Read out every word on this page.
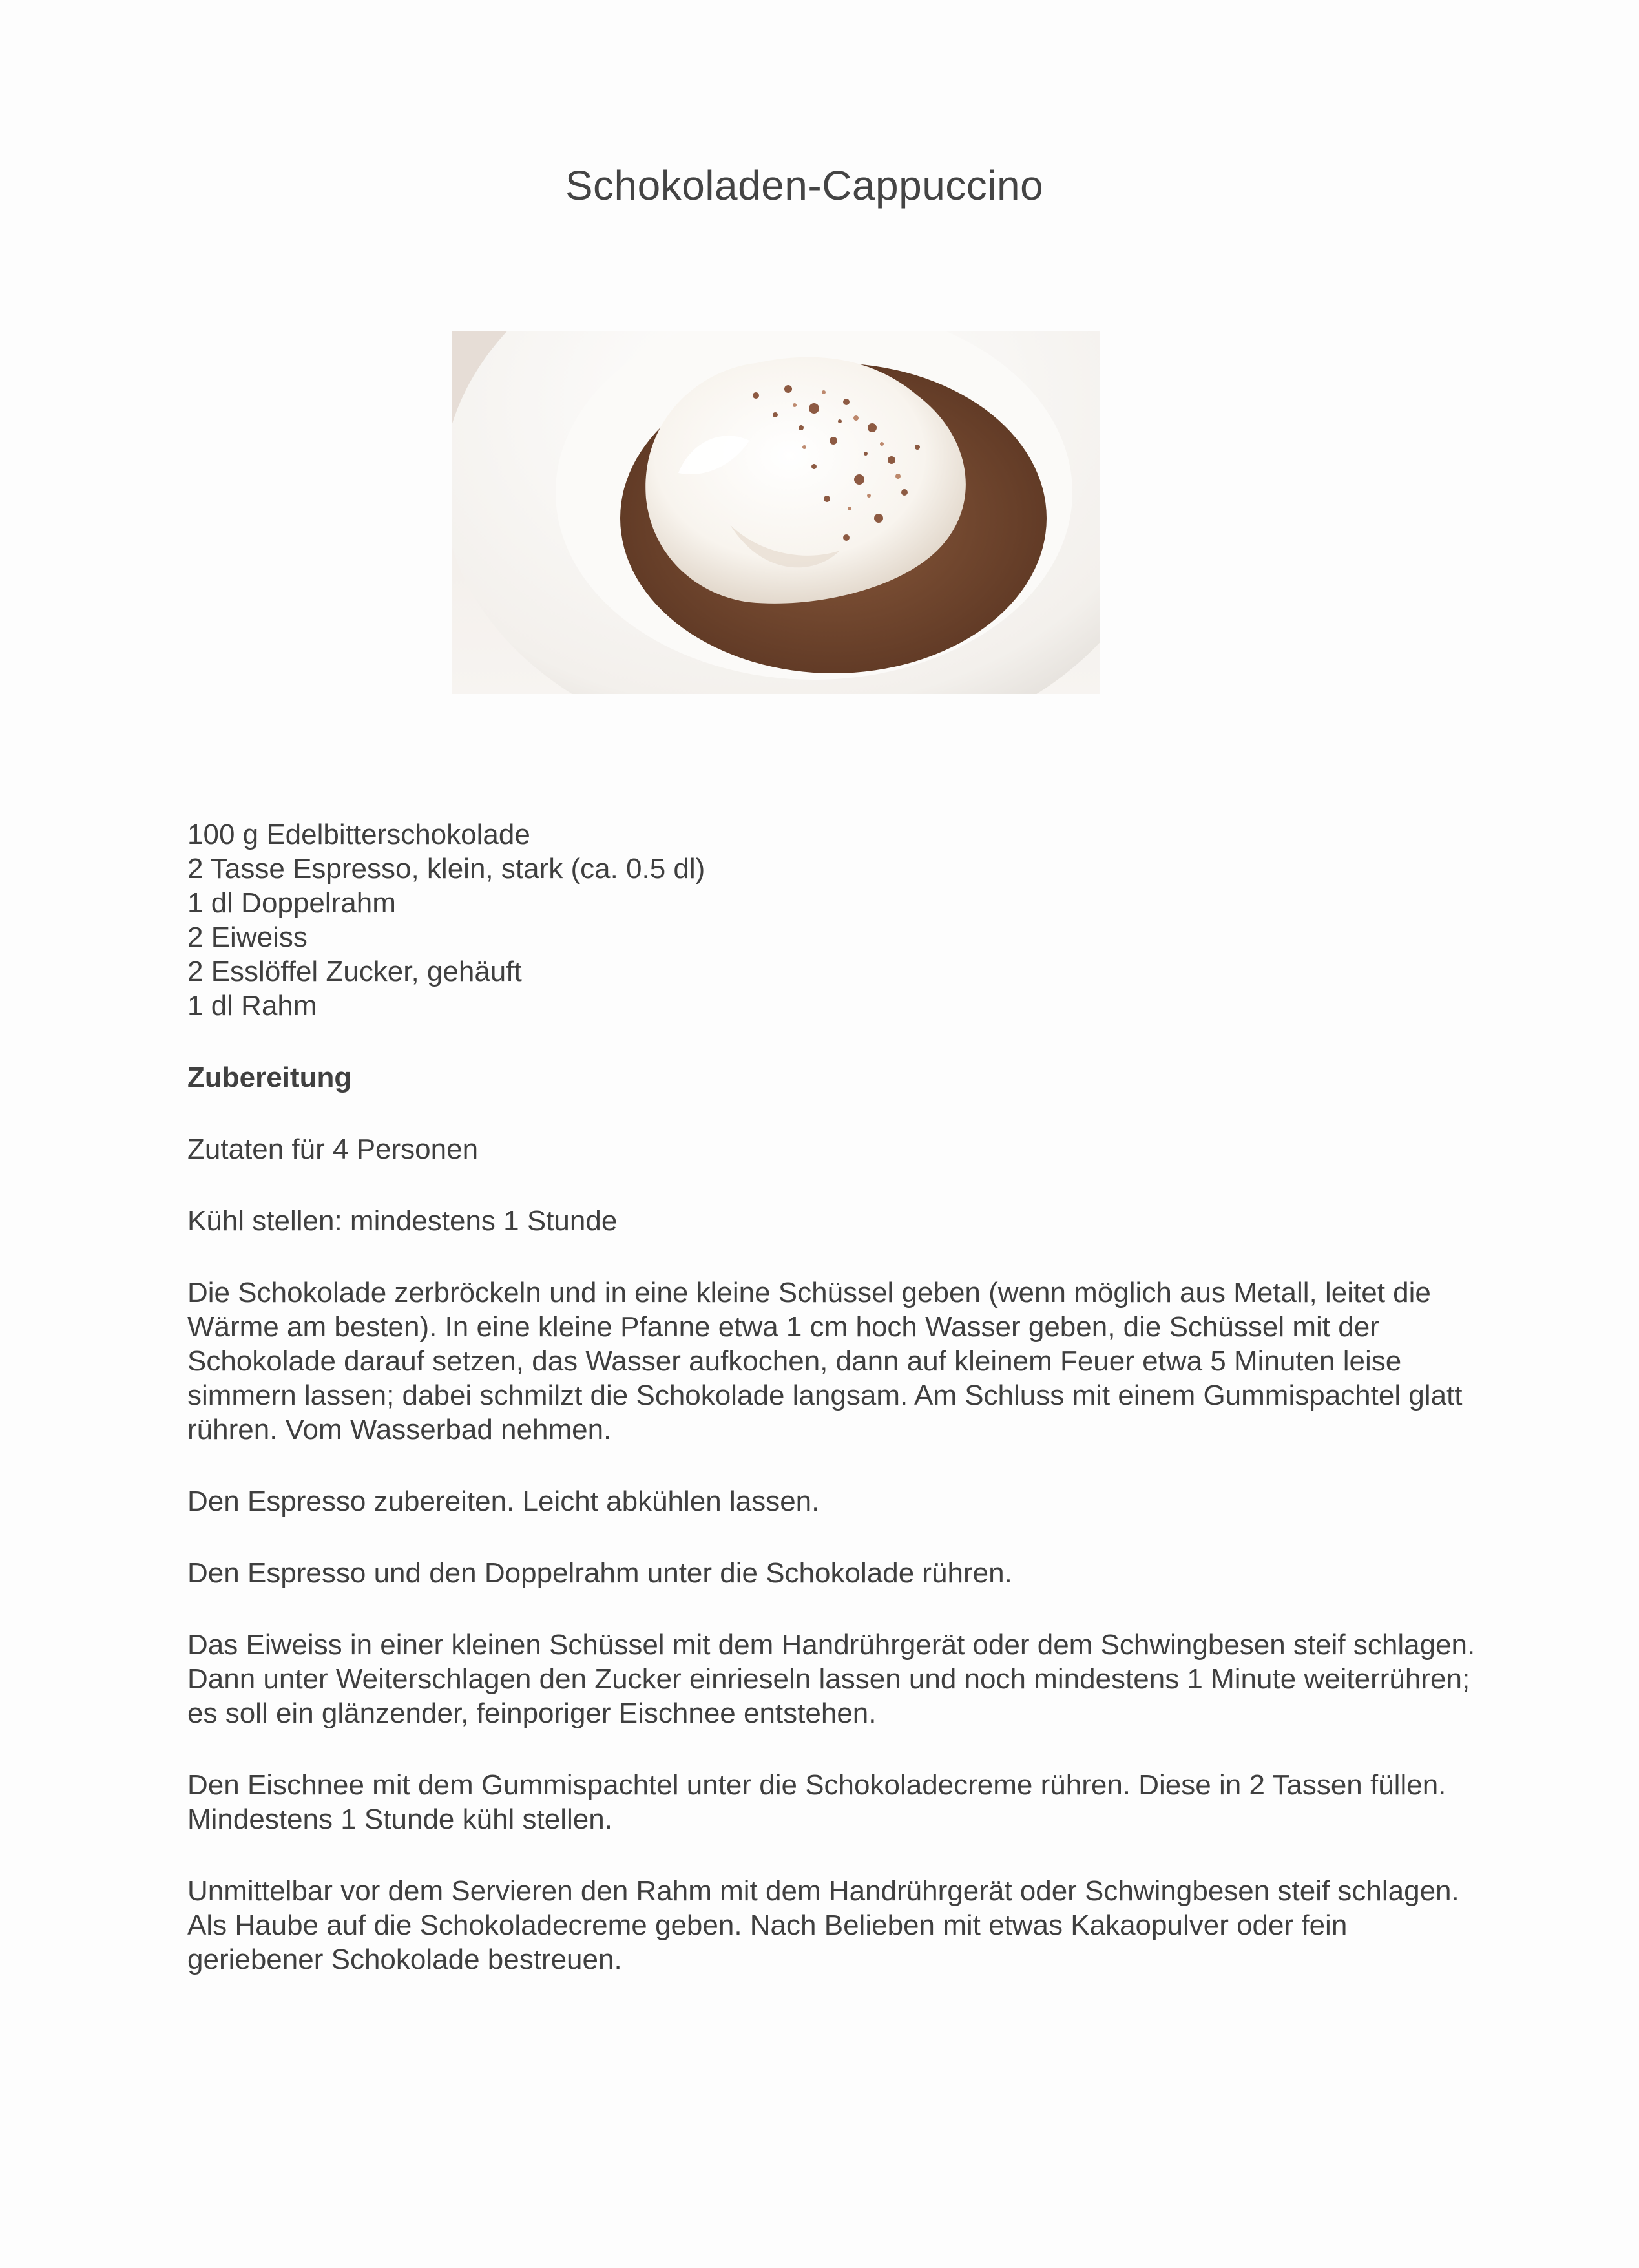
Schokoladen-Cappuccino
100 g Edelbitterschokolade
2 Tasse Espresso, klein, stark (ca. 0.5 dl)
1 dl Doppelrahm
2 Eiweiss
2 Esslöffel Zucker, gehäuft
1 dl Rahm
Zubereitung

Zutaten für 4 Personen

Kühl stellen: mindestens 1 Stunde

Die Schokolade zerbröckeln und in eine kleine Schüssel geben (wenn möglich aus Metall, leitet die Wärme am besten). In eine kleine Pfanne etwa 1 cm hoch Wasser geben, die Schüssel mit der Schokolade darauf setzen, das Wasser aufkochen, dann auf kleinem Feuer etwa 5 Minuten leise simmern lassen; dabei schmilzt die Schokolade langsam. Am Schluss mit einem Gummispachtel glatt rühren. Vom Wasserbad nehmen.

Den Espresso zubereiten. Leicht abkühlen lassen.

Den Espresso und den Doppelrahm unter die Schokolade rühren.

Das Eiweiss in einer kleinen Schüssel mit dem Handrührgerät oder dem Schwingbesen steif schlagen. Dann unter Weiterschlagen den Zucker einrieseln lassen und noch mindestens 1 Minute weiterrühren; es soll ein glänzender, feinporiger Eischnee entstehen.

Den Eischnee mit dem Gummispachtel unter die Schokoladecreme rühren. Diese in 2 Tassen füllen. Mindestens 1 Stunde kühl stellen.

Unmittelbar vor dem Servieren den Rahm mit dem Handrührgerät oder Schwingbesen steif schlagen. Als Haube auf die Schokoladecreme geben. Nach Belieben mit etwas Kakaopulver oder fein geriebener Schokolade bestreuen.
